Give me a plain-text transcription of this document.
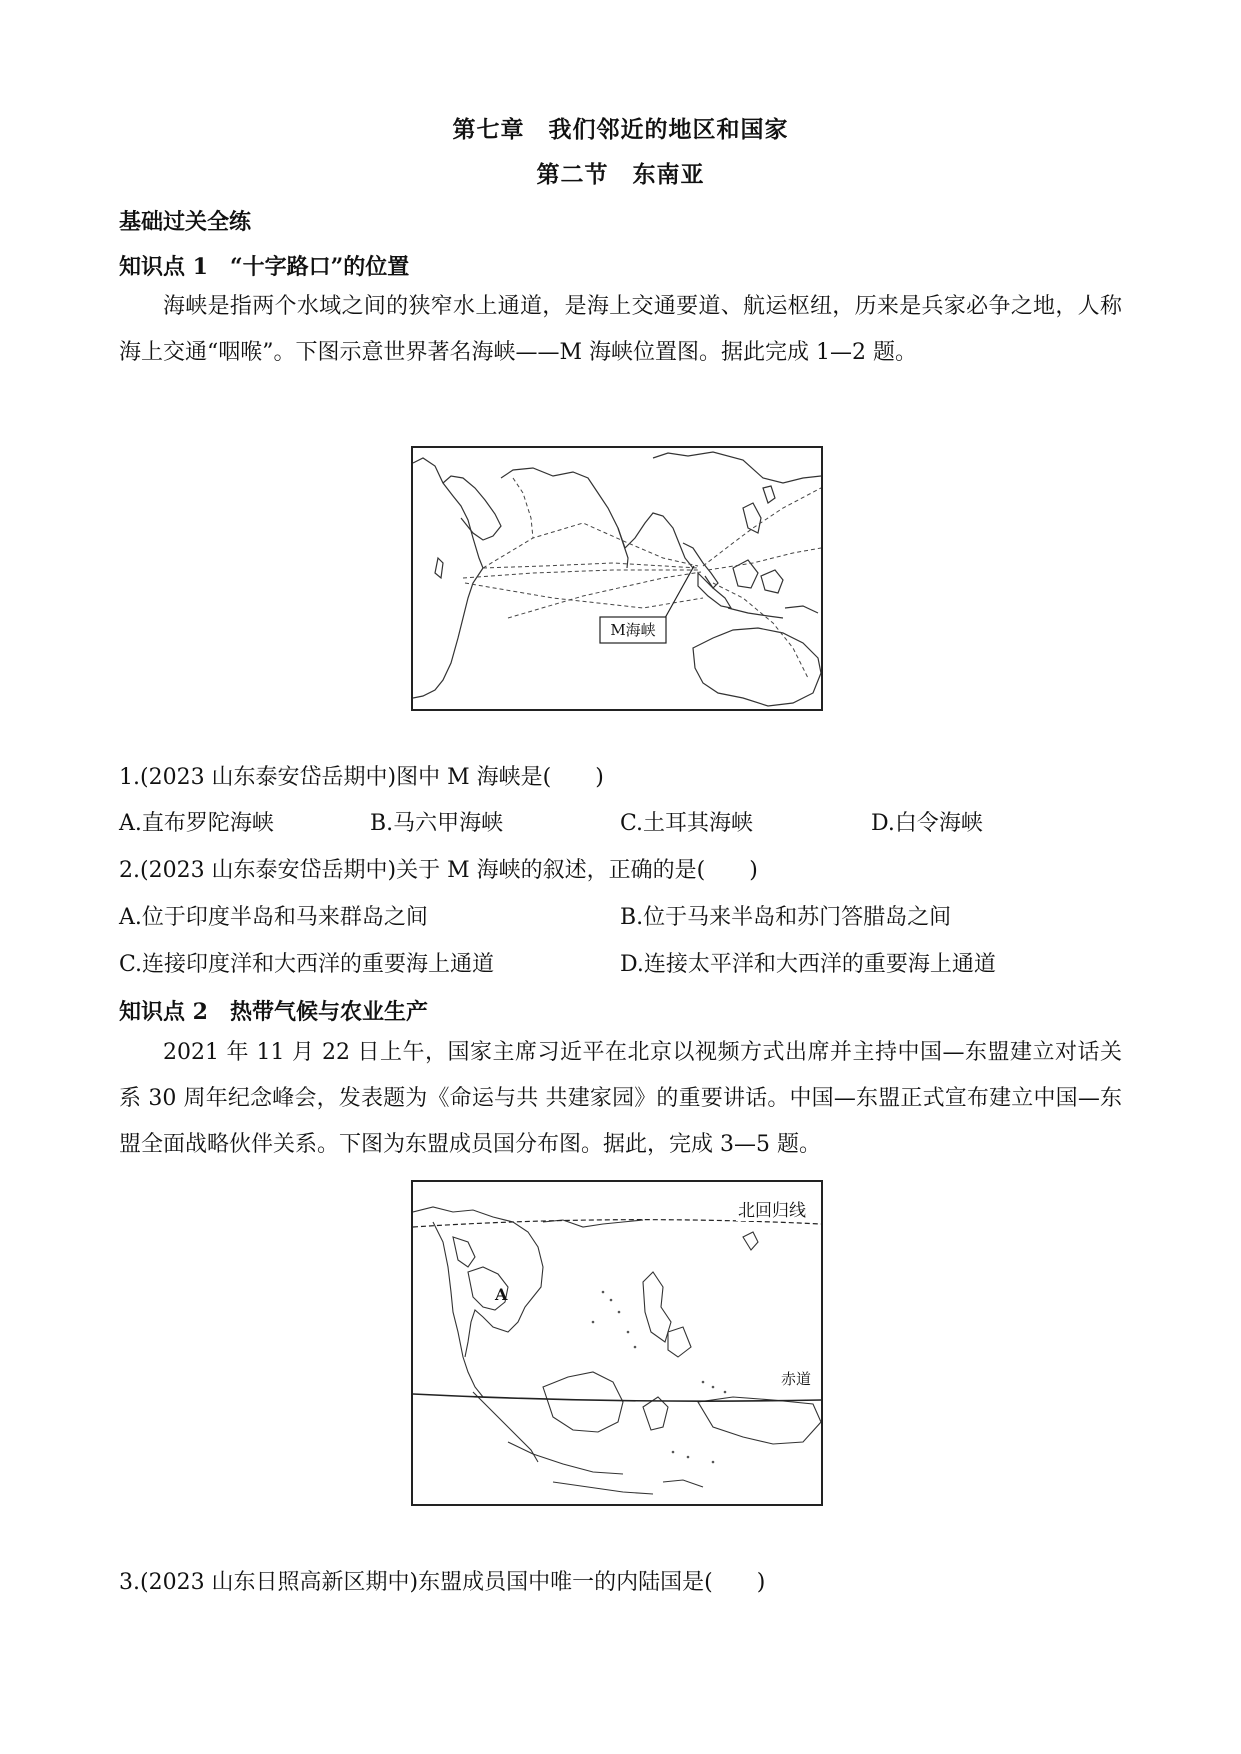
第七章　我们邻近的地区和国家
第二节　东南亚
基础过关全练
知识点 1　“十字路口”的位置
海峡是指两个水域之间的狭窄水上通道，是海上交通要道、航运枢纽，历来是兵家必争之地，人称海上交通“咽喉”。下图示意世界著名海峡——M 海峡位置图。据此完成 1—2 题。
M海峡
1.(2023 山东泰安岱岳期中)图中 M 海峡是(　　)
A.直布罗陀海峡	B.马六甲海峡	C.土耳其海峡	D.白令海峡
2.(2023 山东泰安岱岳期中)关于 M 海峡的叙述，正确的是(　　)
A.位于印度半岛和马来群岛之间	B.位于马来半岛和苏门答腊岛之间
C.连接印度洋和大西洋的重要海上通道	D.连接太平洋和大西洋的重要海上通道
知识点 2　热带气候与农业生产
2021 年 11 月 22 日上午，国家主席习近平在北京以视频方式出席并主持中国—东盟建立对话关系 30 周年纪念峰会，发表题为《命运与共 共建家园》的重要讲话。中国—东盟正式宣布建立中国—东盟全面战略伙伴关系。下图为东盟成员国分布图。据此，完成 3—5 题。
北回归线
赤道
A
3.(2023 山东日照高新区期中)东盟成员国中唯一的内陆国是(　　)
